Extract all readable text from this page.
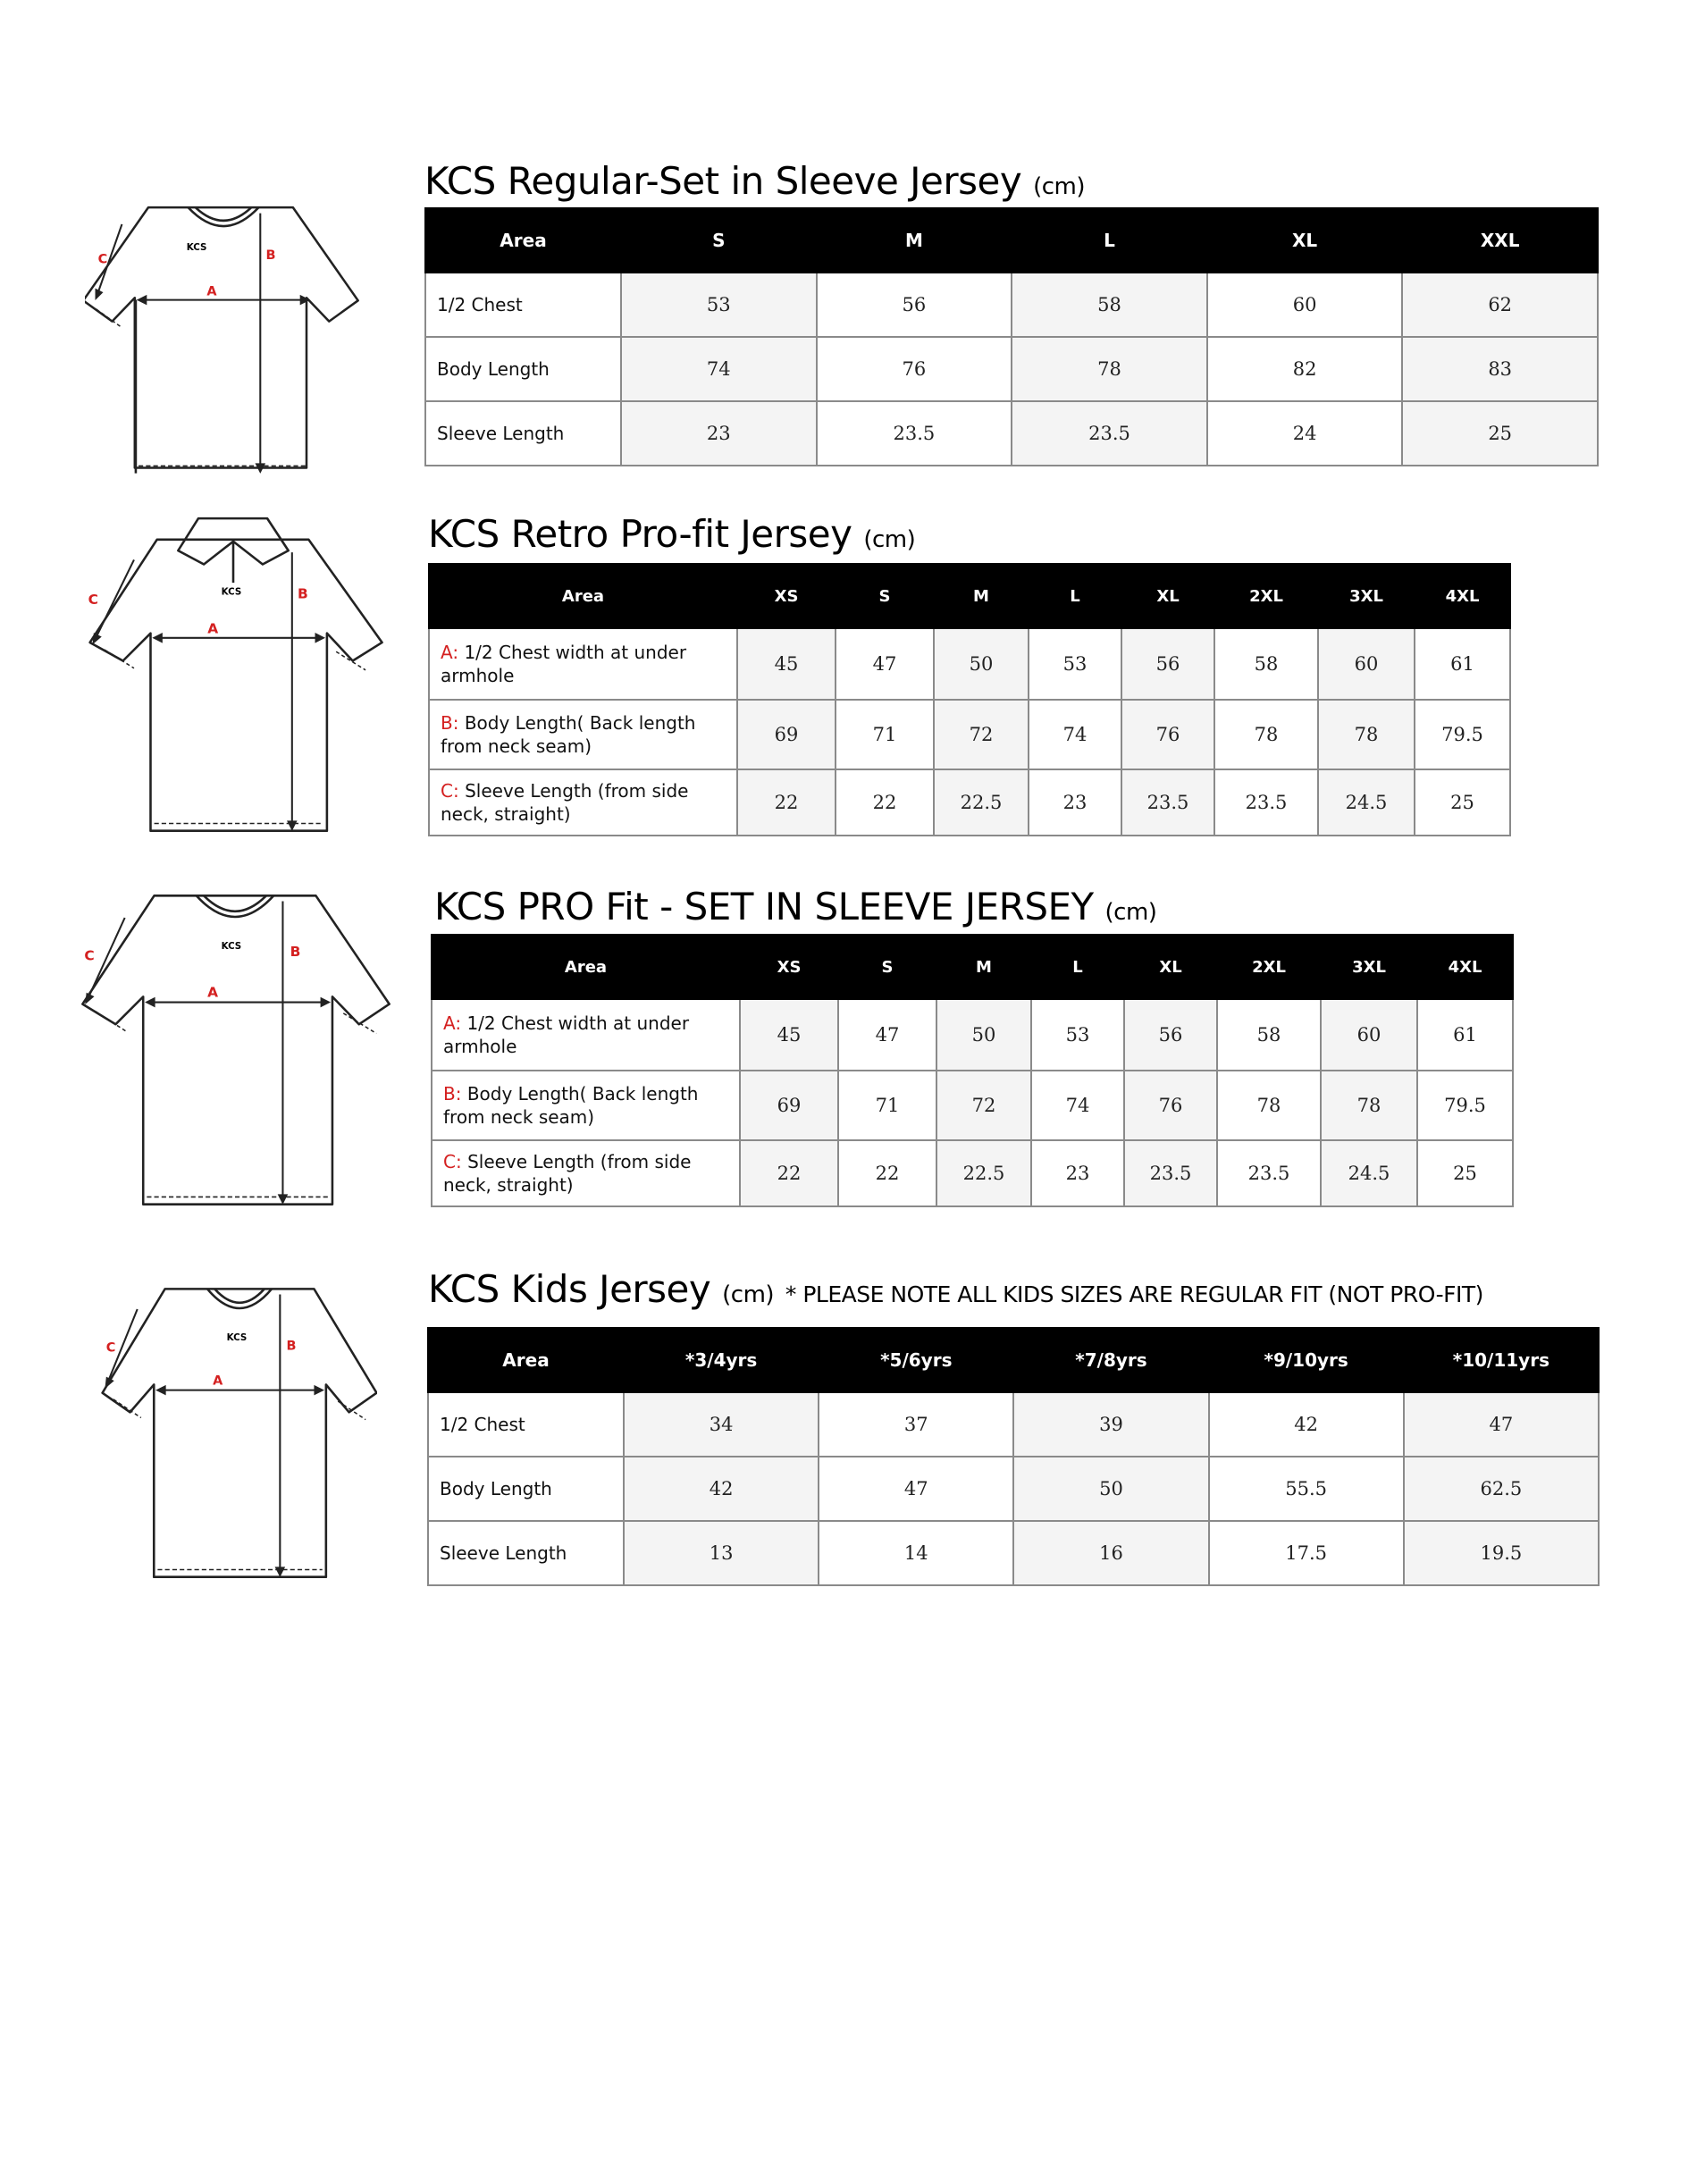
KCS
A
B
C
KCS Regular-Set in Sleeve Jersey (cm)
Area	S	M	L	XL	XXL
1/2 Chest	53	56	58	60	62
Body Length	74	76	78	82	83
Sleeve Length	23	23.5	23.5	24	25
KCS
A
B
C
KCS Retro Pro-fit Jersey (cm)
Area	XS	S	M	L	XL	2XL	3XL	4XL
A: 1/2 Chest width at under armhole	45	47	50	53	56	58	60	61
B: Body Length( Back length from neck seam)	69	71	72	74	76	78	78	79.5
C: Sleeve Length (from side neck, straight)	22	22	22.5	23	23.5	23.5	24.5	25
KCS
A
B
C
KCS PRO Fit - SET IN SLEEVE JERSEY (cm)
Area	XS	S	M	L	XL	2XL	3XL	4XL
A: 1/2 Chest width at under armhole	45	47	50	53	56	58	60	61
B: Body Length( Back length from neck seam)	69	71	72	74	76	78	78	79.5
C: Sleeve Length (from side neck, straight)	22	22	22.5	23	23.5	23.5	24.5	25
KCS
A
B
C
KCS Kids Jersey (cm) * PLEASE NOTE ALL KIDS SIZES ARE REGULAR FIT (NOT PRO-FIT)
Area	*3/4yrs	*5/6yrs	*7/8yrs	*9/10yrs	*10/11yrs
1/2 Chest	34	37	39	42	47
Body Length	42	47	50	55.5	62.5
Sleeve Length	13	14	16	17.5	19.5
